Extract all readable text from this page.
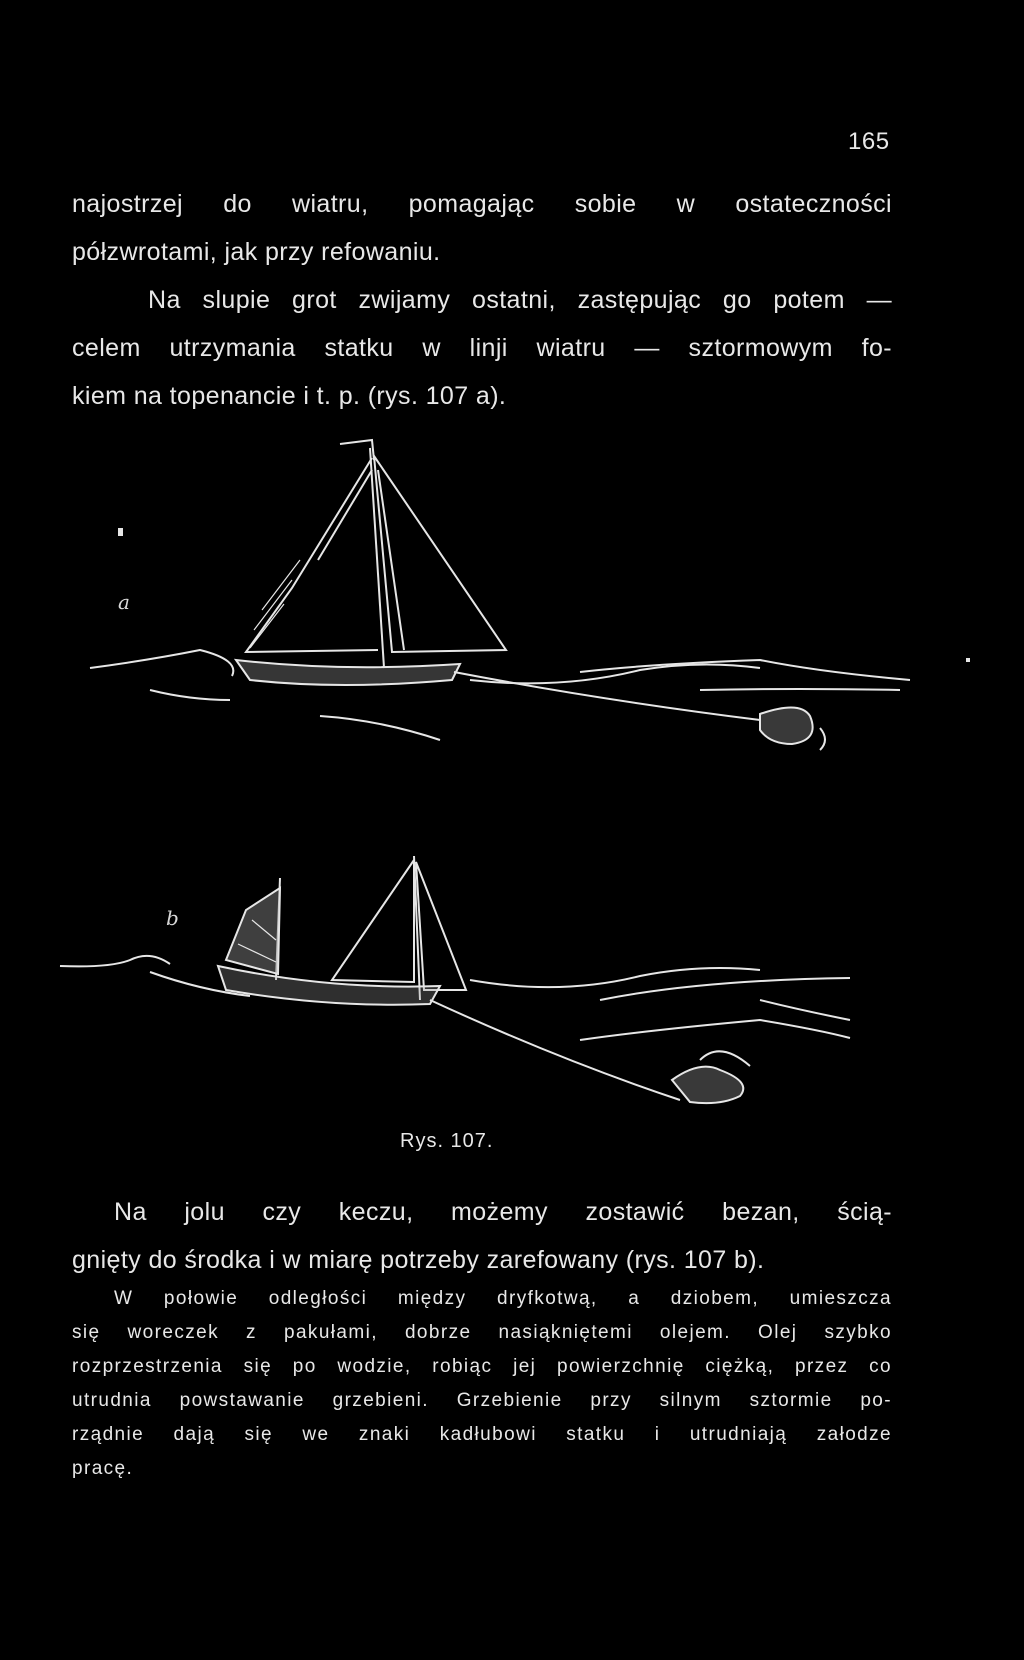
165

najostrzej do wiatru, pomagając sobie w ostateczności
półzwrotami, jak przy refowaniu.
Na slupie grot zwijamy ostatni, zastępując go potem —
celem utrzymania statku w linji wiatru — sztormowym fo-
kiem na topenancie i t. p. (rys. 107 a).

a
b
Rys. 107.

Na jolu czy keczu, możemy zostawić bezan, ścią-
gnięty do środka i w miarę potrzeby zarefowany (rys. 107 b).

W połowie odległości między dryfkotwą, a dziobem, umieszcza
się woreczek z pakułami, dobrze nasiąkniętemi olejem. Olej szybko
rozprzestrzenia się po wodzie, robiąc jej powierzchnię ciężką, przez co
utrudnia powstawanie grzebieni. Grzebienie przy silnym sztormie po-
rządnie dają się we znaki kadłubowi statku i utrudniają załodze
pracę.
